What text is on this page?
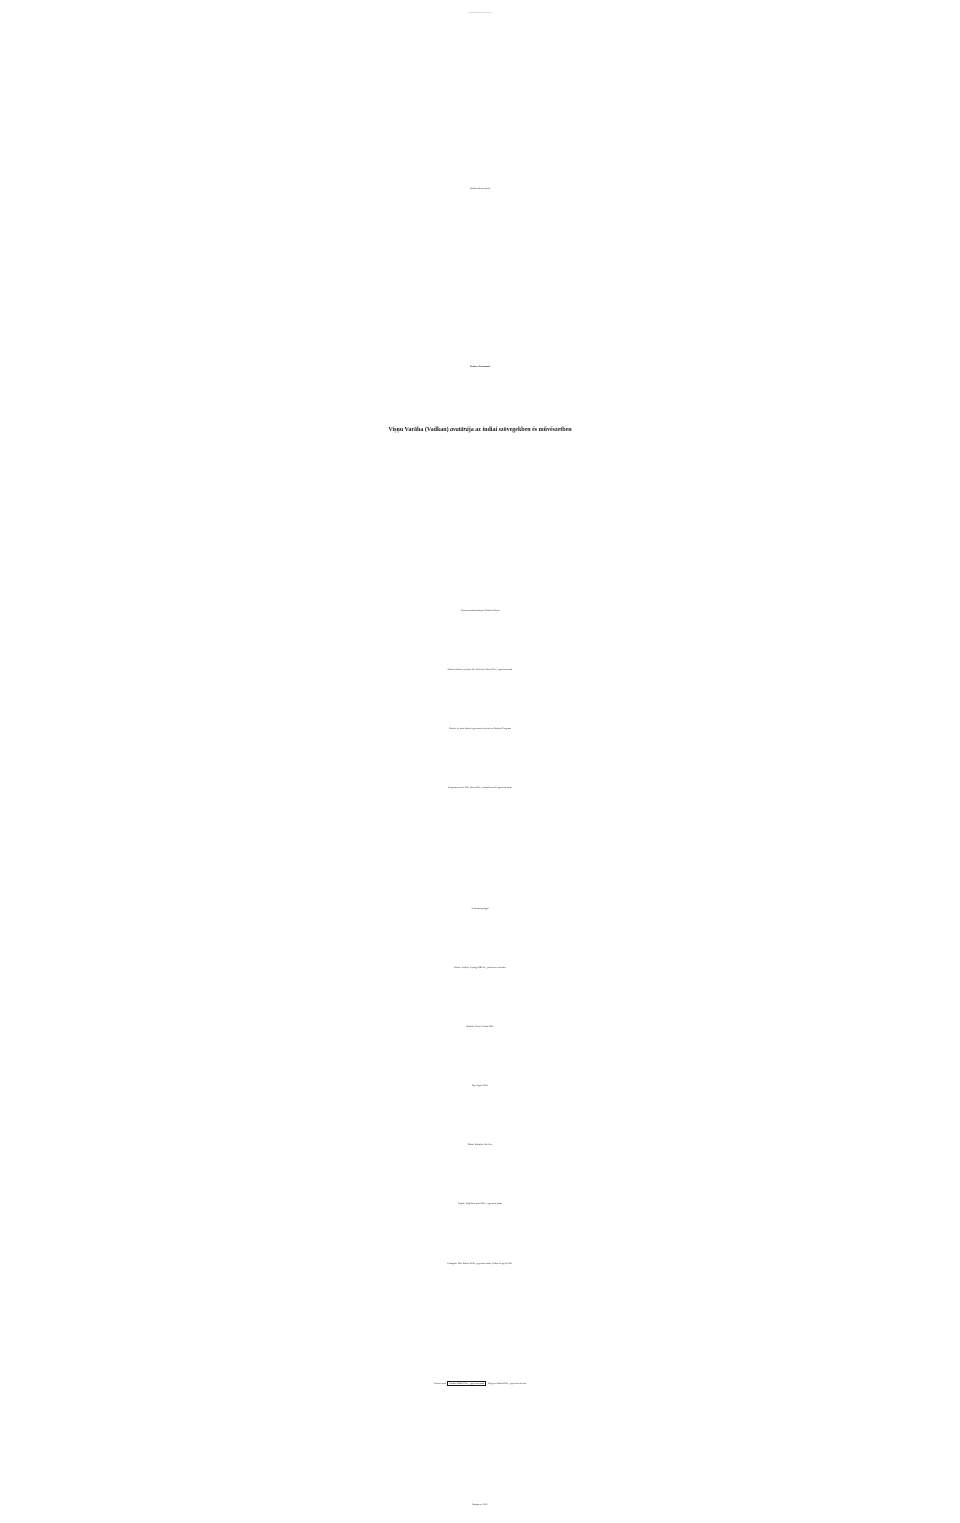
Eötvös Loránd Tudományegyetem Bölcsészettudományi Kar
Doktori disszertáció
Renner Zsuzsanna
Viṣṇu Varāha (Vadkan) avatārája az indiai szövegekben és művészetben
Történelemtudományok Doktori Iskola
Doktori iskola vezetője: Dr. Székely Gábor DSc., egyetemi tanár
Közép- és kora újkori egyetemes történelem Doktori Program
Programvezető: Poór János DSc., tanszékvezető egyetemi tanár
A bizottság tagjai
Elnök: Székely György MHAS., professor emeritus
Bírálók: Dezső Csaba PhD.
Pap Ágnes PhD.
Titkár: Radnóti Alíz Csc.
Tagok: Wojtilla Gyula DSc., egyetemi tanár
Póttagok: Déri Balázs PhD., egyetemi tanár, Hidas Gergely PhD.
Témavezető: Puskás Ildikó DSc., egyetemi tanár , Négyesi Mária PhD., egyetemi docens
Budapest, 2012
